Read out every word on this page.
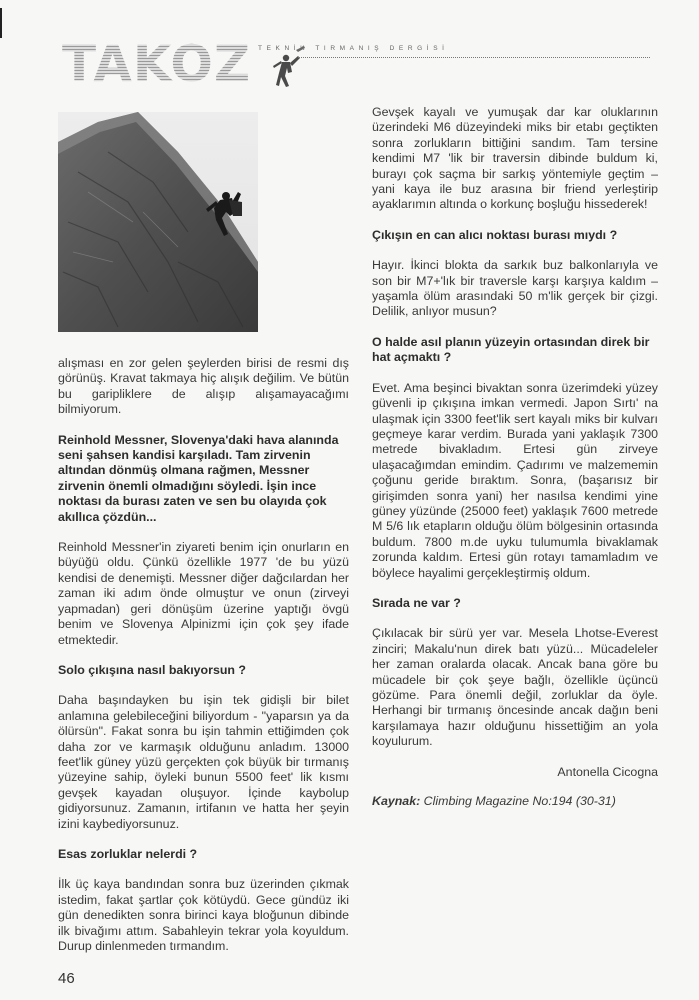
TAKOZ TEKNİK TIRMANIŞ DERGİSİ

alışması en zor gelen şeylerden birisi de resmi dış görünüş. Kravat takmaya hiç alışık değilim. Ve bütün bu garipliklere de alışıp alışamayacağımı bilmiyorum.

Reinhold Messner, Slovenya'daki hava alanında seni şahsen kandisi karşıladı. Tam zirvenin altından dönmüş olmana rağmen, Messner zirvenin önemli olmadığını söyledi. İşin ince noktası da burası zaten ve sen bu olayıda çok akıllıca çözdün...

Reinhold Messner'in ziyareti benim için onurların en büyüğü oldu. Çünkü özellikle 1977 'de bu yüzü kendisi de denemişti. Messner diğer dağcılardan her zaman iki adım önde olmuştur ve onun (zirveyi yapmadan) geri dönüşüm üzerine yaptığı övgü benim ve Slovenya Alpinizmi için çok şey ifade etmektedir.

Solo çıkışına nasıl bakıyorsun ?

Daha başındayken bu işin tek gidişli bir bilet anlamına gelebileceğini biliyordum - "yaparsın ya da ölürsün". Fakat sonra bu işin tahmin ettiğimden çok daha zor ve karmaşık olduğunu anladım. 13000 feet'lik güney yüzü gerçekten çok büyük bir tırmanış yüzeyine sahip, öyleki bunun 5500 feet' lik kısmı gevşek kayadan oluşuyor. İçinde kaybolup gidiyorsunuz. Zamanın, irtifanın ve hatta her şeyin izini kaybediyorsunuz.

Esas zorluklar nelerdi ?

İlk üç kaya bandından sonra buz üzerinden çıkmak istedim, fakat şartlar çok kötüydü. Gece gündüz iki gün denedikten sonra birinci kaya bloğunun dibinde ilk bivağımı attım. Sabahleyin tekrar yola koyuldum. Durup dinlenmeden tırmandım.

Gevşek kayalı ve yumuşak dar kar oluklarının üzerindeki M6 düzeyindeki miks bir etabı geçtikten sonra zorlukların bittiğini sandım. Tam tersine kendimi M7 'lik bir traversin dibinde buldum ki, burayı çok saçma bir sarkış yöntemiyle geçtim – yani kaya ile buz arasına bir friend yerleştirip ayaklarımın altında o korkunç boşluğu hissederek!

Çıkışın en can alıcı noktası burası mıydı ?

Hayır. İkinci blokta da sarkık buz balkonlarıyla ve son bir M7+'lık bir traversle karşı karşıya kaldım – yaşamla ölüm arasındaki 50 m'lik gerçek bir çizgi. Delilik, anlıyor musun?

O halde asıl planın yüzeyin ortasından direk bir hat açmaktı ?

Evet. Ama beşinci bivaktan sonra üzerimdeki yüzey güvenli ip çıkışına imkan vermedi. Japon Sırtı' na ulaşmak için 3300 feet'lik sert kayalı miks bir kulvarı geçmeye karar verdim. Burada yani yaklaşık 7300 metrede bivakladım. Ertesi gün zirveye ulaşacağımdan emindim. Çadırımı ve malzememin çoğunu geride bıraktım. Sonra, (başarısız bir girişimden sonra yani) her nasılsa kendimi yine güney yüzünde (25000 feet) yaklaşık 7600 metrede M 5/6 lık etapların olduğu ölüm bölgesinin ortasında buldum. 7800 m.de uyku tulumumla bivaklamak zorunda kaldım. Ertesi gün rotayı tamamladım ve böylece hayalimi gerçekleştirmiş oldum.

Sırada ne var ?

Çıkılacak bir sürü yer var. Mesela Lhotse-Everest zinciri; Makalu'nun direk batı yüzü... Mücadeleler her zaman oralarda olacak. Ancak bana göre bu mücadele bir çok şeye bağlı, özellikle üçüncü gözüme. Para önemli değil, zorluklar da öyle. Herhangi bir tırmanış öncesinde ancak dağın beni karşılamaya hazır olduğunu hissettiğim an yola koyulurum.

Antonella Cicogna

Kaynak: Climbing Magazine No:194 (30-31)

46
